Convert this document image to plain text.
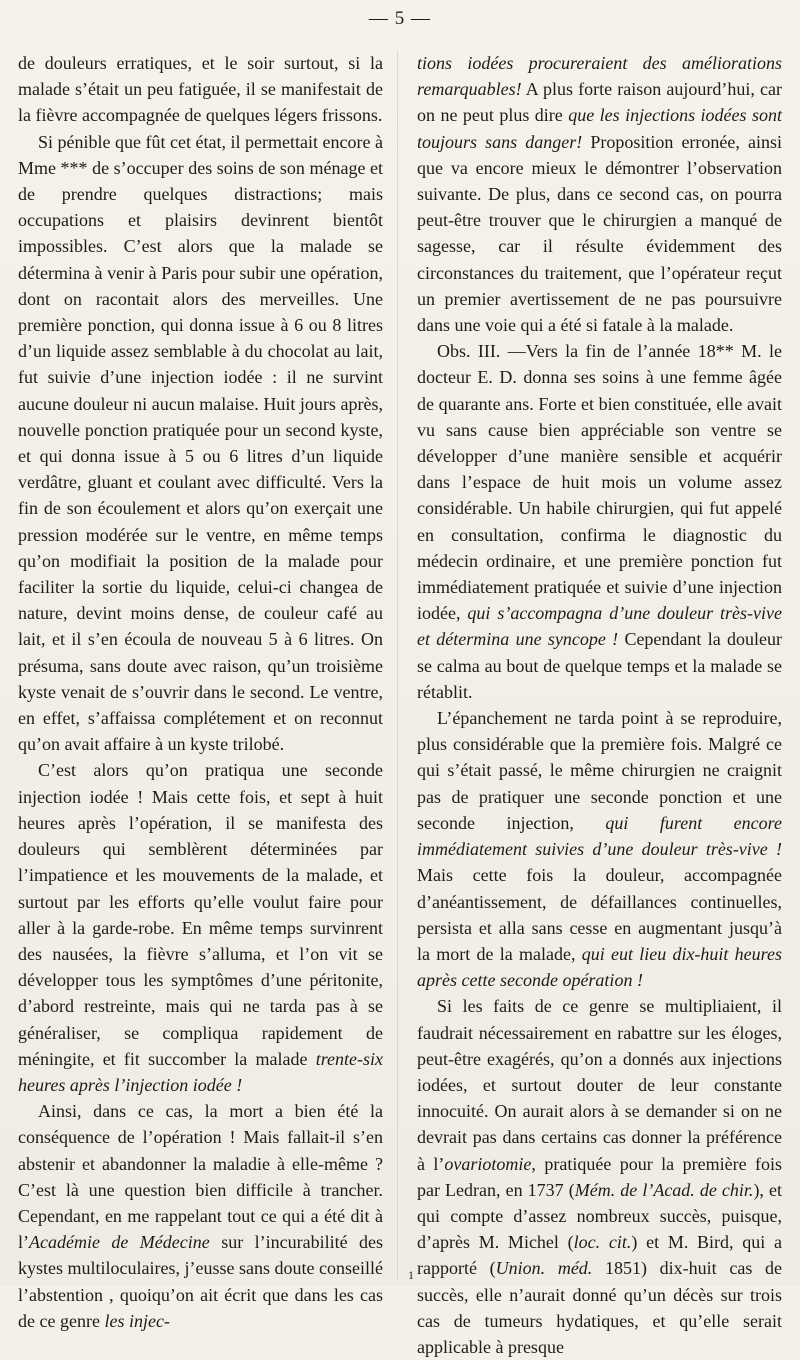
— 5 —

de douleurs erratiques, et le soir surtout, si la malade s’était un peu fatiguée, il se manifestait de la fièvre accompagnée de quelques légers frissons.

Si pénible que fût cet état, il permettait encore à Mme *** de s’occuper des soins de son ménage et de prendre quelques distractions; mais occupations et plaisirs devinrent bientôt impossibles. C’est alors que la malade se détermina à venir à Paris pour subir une opération, dont on racontait alors des merveilles. Une première ponction, qui donna issue à 6 ou 8 litres d’un liquide assez semblable à du chocolat au lait, fut suivie d’une injection iodée : il ne survint aucune douleur ni aucun malaise. Huit jours après, nouvelle ponction pratiquée pour un second kyste, et qui donna issue à 5 ou 6 litres d’un liquide verdâtre, gluant et coulant avec difficulté. Vers la fin de son écoulement et alors qu’on exerçait une pression modérée sur le ventre, en même temps qu’on modifiait la position de la malade pour faciliter la sortie du liquide, celui-ci changea de nature, devint moins dense, de couleur café au lait, et il s’en écoula de nouveau 5 à 6 litres. On présuma, sans doute avec raison, qu’un troisième kyste venait de s’ouvrir dans le second. Le ventre, en effet, s’affaissa complétement et on reconnut qu’on avait affaire à un kyste trilobé.

C’est alors qu’on pratiqua une seconde injection iodée ! Mais cette fois, et sept à huit heures après l’opération, il se manifesta des douleurs qui semblèrent déterminées par l’impatience et les mouvements de la malade, et surtout par les efforts qu’elle voulut faire pour aller à la garde-robe. En même temps survinrent des nausées, la fièvre s’alluma, et l’on vit se développer tous les symptômes d’une péritonite, d’abord restreinte, mais qui ne tarda pas à se généraliser, se compliqua rapidement de méningite, et fit succomber la malade trente-six heures après l’injection iodée !

Ainsi, dans ce cas, la mort a bien été la conséquence de l’opération ! Mais fallait-il s’en abstenir et abandonner la maladie à elle-même ? C’est là une question bien difficile à trancher. Cependant, en me rappelant tout ce qui a été dit à l’Académie de Médecine sur l’incurabilité des kystes multiloculaires, j’eusse sans doute conseillé l’abstention , quoiqu’on ait écrit que dans les cas de ce genre les injec-

tions iodées procureraient des améliorations remarquables! A plus forte raison aujourd’hui, car on ne peut plus dire que les injections iodées sont toujours sans danger! Proposition erronée, ainsi que va encore mieux le démontrer l’observation suivante. De plus, dans ce second cas, on pourra peut-être trouver que le chirurgien a manqué de sagesse, car il résulte évidemment des circonstances du traitement, que l’opérateur reçut un premier avertissement de ne pas poursuivre dans une voie qui a été si fatale à la malade.

Obs. III. —Vers la fin de l’année 18** M. le docteur E. D. donna ses soins à une femme âgée de quarante ans. Forte et bien constituée, elle avait vu sans cause bien appréciable son ventre se développer d’une manière sensible et acquérir dans l’espace de huit mois un volume assez considérable. Un habile chirurgien, qui fut appelé en consultation, confirma le diagnostic du médecin ordinaire, et une première ponction fut immédiatement pratiquée et suivie d’une injection iodée, qui s’accompagna d’une douleur très-vive et détermina une syncope ! Cependant la douleur se calma au bout de quelque temps et la malade se rétablit.

L’épanchement ne tarda point à se reproduire, plus considérable que la première fois. Malgré ce qui s’était passé, le même chirurgien ne craignit pas de pratiquer une seconde ponction et une seconde injection, qui furent encore immédiatement suivies d’une douleur très-vive ! Mais cette fois la douleur, accompagnée d’anéantissement, de défaillances continuelles, persista et alla sans cesse en augmentant jusqu’à la mort de la malade, qui eut lieu dix-huit heures après cette seconde opération !

Si les faits de ce genre se multipliaient, il faudrait nécessairement en rabattre sur les éloges, peut-être exagérés, qu’on a donnés aux injections iodées, et surtout douter de leur constante innocuité. On aurait alors à se demander si on ne devrait pas dans certains cas donner la préférence à l’ovariotomie, pratiquée pour la première fois par Ledran, en 1737 (Mém. de l’Acad. de chir.), et qui compte d’assez nombreux succès, puisque, d’après M. Michel (loc. cit.) et M. Bird, qui a rapporté (Union. méd. 1851) dix-huit cas de succès, elle n’aurait donné qu’un décès sur trois cas de tumeurs hydatiques, et qu’elle serait applicable à presque

1
